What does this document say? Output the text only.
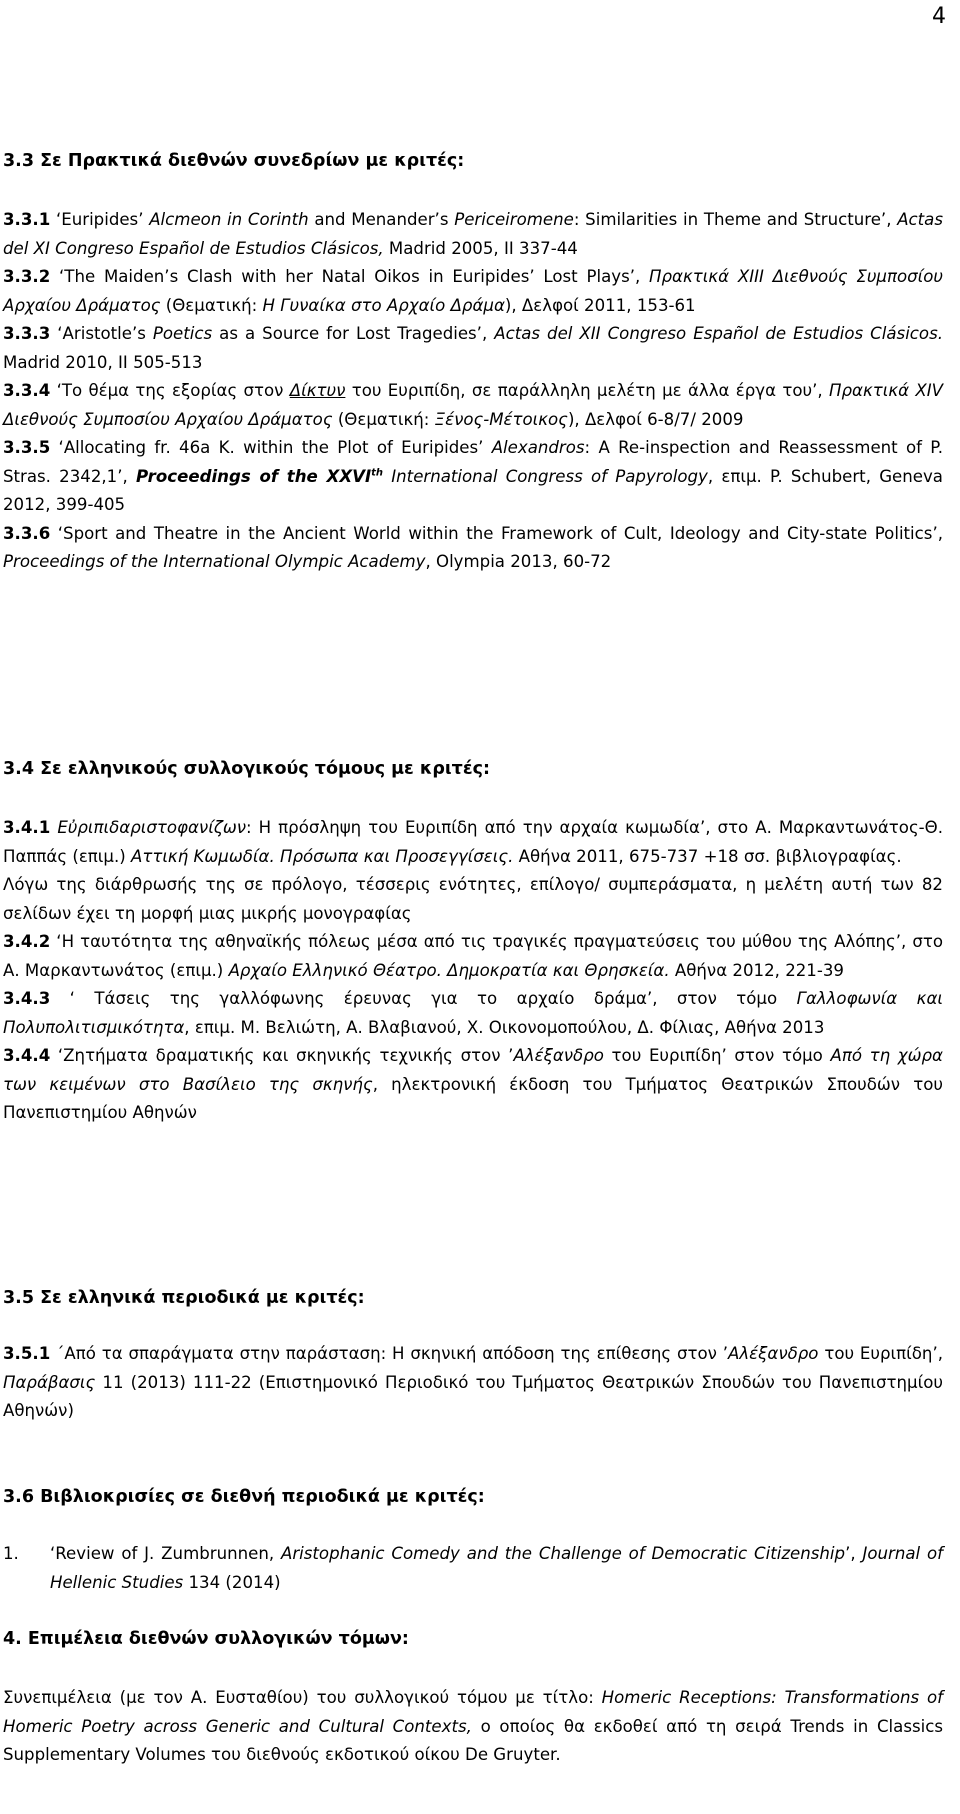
4
3.3 Σε Πρακτικά διεθνών συνεδρίων με κριτές:

3.3.1 ‘Euripides’ Alcmeon in Corinth and Menander’s Periceiromene: Similarities in Theme and Structure’, Actas del XI Congreso Español de Estudios Clásicos, Madrid 2005, II 337-44

3.3.2 ‘The Maiden’s Clash with her Natal Oikos in Euripides’ Lost Plays’, Πρακτικά XIII Διεθνούς Συμποσίου Αρχαίου Δράματος (Θεματική: Η Γυναίκα στο Αρχαίο Δράμα), Δελφοί 2011, 153-61

3.3.3 ‘Aristotle’s Poetics as a Source for Lost Tragedies’, Actas del XII Congreso Español de Estudios Clásicos. Madrid 2010, II 505-513

3.3.4 ‘Το θέμα της εξορίας στον Δίκτυν του Ευριπίδη, σε παράλληλη μελέτη με άλλα έργα του’, Πρακτικά XIV Διεθνούς Συμποσίου Αρχαίου Δράματος (Θεματική: Ξένος-Μέτοικος), Δελφοί 6-8/7/ 2009

3.3.5 ‘Allocating fr. 46a K. within the Plot of Euripides’ Alexandros: A Re-inspection and Reassessment of P. Stras. 2342,1’, Proceedings of the XXVIth International Congress of Papyrology, επιμ. P. Schubert, Geneva 2012, 399-405

3.3.6 ‘Sport and Theatre in the Ancient World within the Framework of Cult, Ideology and City-state Politics’, Proceedings of the International Olympic Academy, Olympia 2013, 60-72

3.4 Σε ελληνικούς συλλογικούς τόμους με κριτές:

3.4.1 Εὐριπιδαριστοφανίζων: Η πρόσληψη του Ευριπίδη από την αρχαία κωμωδία’, στο Α. Μαρκαντωνάτος-Θ. Παππάς (επιμ.) Αττική Κωμωδία. Πρόσωπα και Προσεγγίσεις. Αθήνα 2011, 675-737 +18 σσ. βιβλιογραφίας.

Λόγω της διάρθρωσής της σε πρόλογο, τέσσερις ενότητες, επίλογο/ συμπεράσματα, η μελέτη αυτή των 82 σελίδων έχει τη μορφή μιας μικρής μονογραφίας

3.4.2 ‘Η ταυτότητα της αθηναϊκής πόλεως μέσα από τις τραγικές πραγματεύσεις του μύθου της Αλόπης’, στο Α. Μαρκαντωνάτος (επιμ.) Αρχαίο Ελληνικό Θέατρο. Δημοκρατία και Θρησκεία. Αθήνα 2012, 221-39

3.4.3 ‘ Τάσεις της γαλλόφωνης έρευνας για το αρχαίο δράμα’, στον τόμο Γαλλοφωνία και Πολυπολιτισμικότητα, επιμ. Μ. Βελιώτη, Α. Βλαβιανού, Χ. Οικονομοπούλου, Δ. Φίλιας, Αθήνα 2013

3.4.4 ‘Ζητήματα δραματικής και σκηνικής τεχνικής στον ’Αλέξανδρο του Ευριπίδη’ στον τόμο Από τη χώρα των κειμένων στο Βασίλειο της σκηνής, ηλεκτρονική έκδοση του Τμήματος Θεατρικών Σπουδών του Πανεπιστημίου Αθηνών

3.5 Σε ελληνικά περιοδικά με κριτές:

3.5.1 ΄Από τα σπαράγματα στην παράσταση: Η σκηνική απόδοση της επίθεσης στον ’Αλέξανδρο του Ευριπίδη’, Παράβασις 11 (2013) 111-22 (Επιστημονικό Περιοδικό του Τμήματος Θεατρικών Σπουδών του Πανεπιστημίου Αθηνών)

3.6 Βιβλιοκρισίες σε διεθνή περιοδικά με κριτές:

1. ‘Review of J. Zumbrunnen, Aristophanic Comedy and the Challenge of Democratic Citizenship’, Journal of Hellenic Studies 134 (2014)

4. Επιμέλεια διεθνών συλλογικών τόμων:

Συνεπιμέλεια (με τον Α. Ευσταθίου) του συλλογικού τόμου με τίτλο: Homeric Receptions: Transformations of Homeric Poetry across Generic and Cultural Contexts, ο οποίος θα εκδοθεί από τη σειρά Trends in Classics Supplementary Volumes του διεθνούς εκδοτικού οίκου De Gruyter.
